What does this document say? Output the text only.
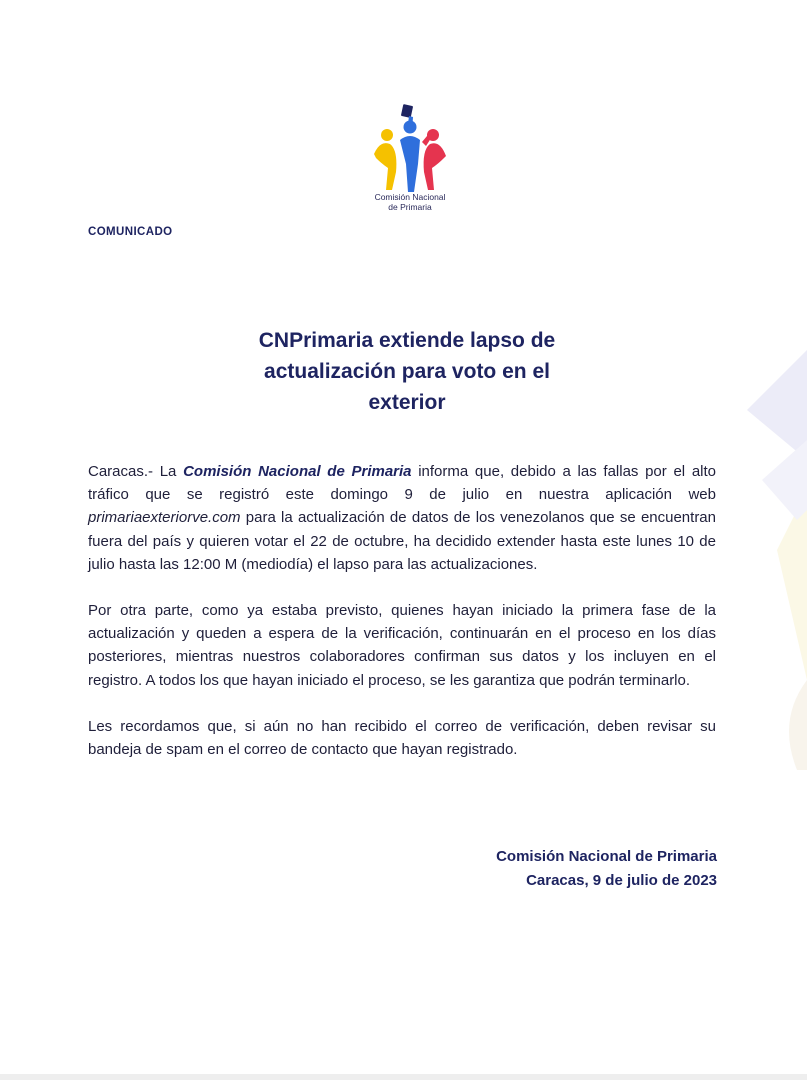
Comisión Nacional
de Primaria
COMUNICADO
CNPrimaria extiende lapso de
actualización para voto en el
exterior

Caracas.- La Comisión Nacional de Primaria informa que, debido a las fallas por el alto tráfico que se registró este domingo 9 de julio en nuestra aplicación web primariaexteriorve.com para la actualización de datos de los venezolanos que se encuentran fuera del país y quieren votar el 22 de octubre, ha decidido extender hasta este lunes 10 de julio hasta las 12:00 M (mediodía) el lapso para las actualizaciones.

Por otra parte, como ya estaba previsto, quienes hayan iniciado la primera fase de la actualización y queden a espera de la verificación, continuarán en el proceso en los días posteriores, mientras nuestros colaboradores confirman sus datos y los incluyen en el registro. A todos los que hayan iniciado el proceso, se les garantiza que podrán terminarlo.

Les recordamos que, si aún no han recibido el correo de verificación, deben revisar su bandeja de spam en el correo de contacto que hayan registrado.

Comisión Nacional de Primaria
Caracas, 9 de julio de 2023
